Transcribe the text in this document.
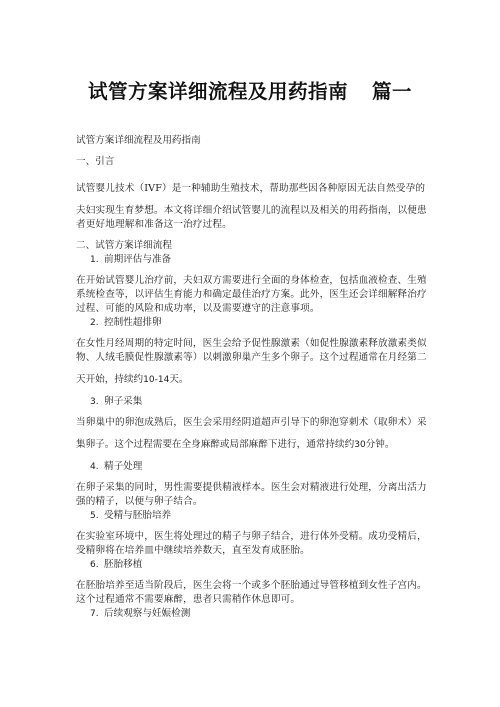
试管方案详细流程及用药指南 篇一
试管方案详细流程及用药指南
一、引言
试管婴儿技术（IVF）是一种辅助生殖技术，帮助那些因各种原因无法自然受孕的
夫妇实现生育梦想。本文将详细介绍试管婴儿的流程以及相关的用药指南，以便患
者更好地理解和准备这一治疗过程。
二、试管方案详细流程
1. 前期评估与准备
在开始试管婴儿治疗前，夫妇双方需要进行全面的身体检查，包括血液检查、生殖
系统检查等，以评估生育能力和确定最佳治疗方案。此外，医生还会详细解释治疗
过程、可能的风险和成功率，以及需要遵守的注意事项。
2. 控制性超排卵
在女性月经周期的特定时间，医生会给予促性腺激素（如促性腺激素释放激素类似
物、人绒毛膜促性腺激素等）以刺激卵巢产生多个卵子。这个过程通常在月经第二
天开始，持续约10-14天。
3. 卵子采集
当卵巢中的卵泡成熟后，医生会采用经阴道超声引导下的卵泡穿刺术（取卵术）采
集卵子。这个过程需要在全身麻醉或局部麻醉下进行，通常持续约30分钟。
4. 精子处理
在卵子采集的同时，男性需要提供精液样本。医生会对精液进行处理，分离出活力
强的精子，以便与卵子结合。
5. 受精与胚胎培养
在实验室环境中，医生将处理过的精子与卵子结合，进行体外受精。成功受精后，
受精卵将在培养皿中继续培养数天，直至发育成胚胎。
6. 胚胎移植
在胚胎培养至适当阶段后，医生会将一个或多个胚胎通过导管移植到女性子宫内。
这个过程通常不需要麻醉，患者只需稍作休息即可。
7. 后续观察与妊娠检测
